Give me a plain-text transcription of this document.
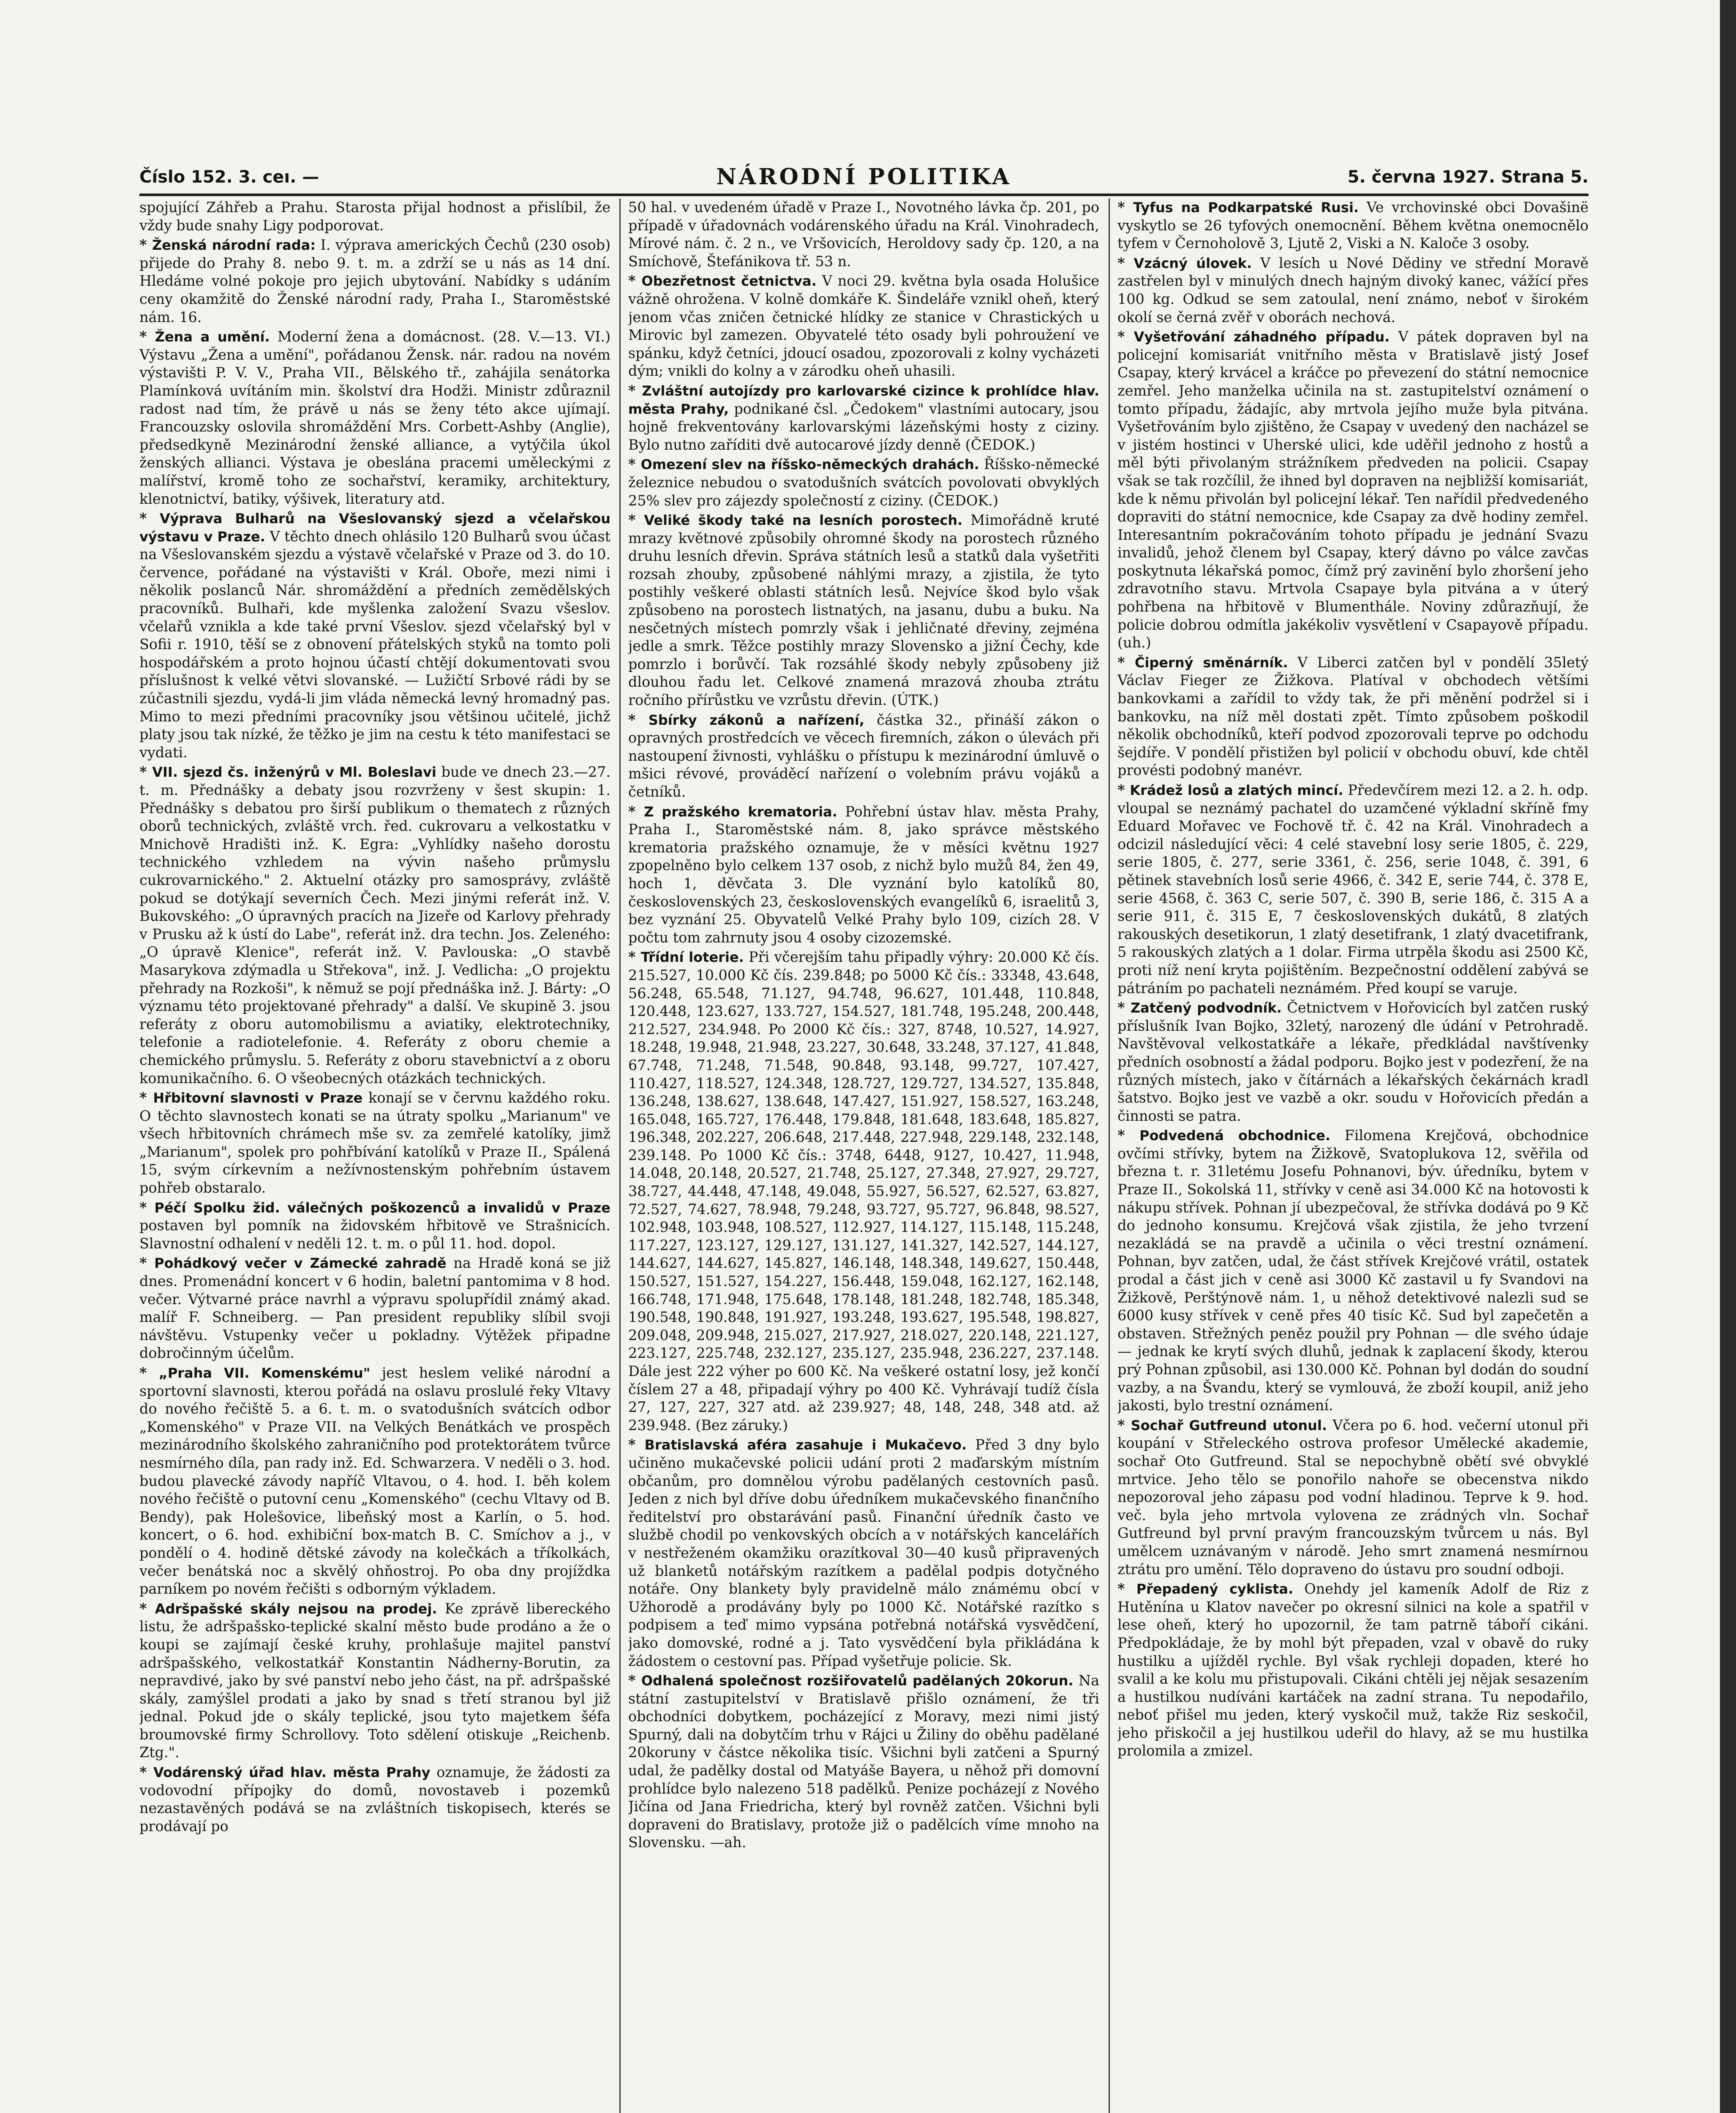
Číslo 152. 3. ceı. —	NÁRODNÍ POLITIKA	5. června 1927. Strana 5.

spojující Záhřeb a Prahu. Starosta přijal hodnost a přislíbil, že vždy bude snahy Ligy podporovat.

* Ženská národní rada: I. výprava amerických Čechů (230 osob) přijede do Prahy 8. nebo 9. t. m. a zdrží se u nás as 14 dní. Hledáme volné pokoje pro jejich ubytování. Nabídky s udáním ceny okamžitě do Ženské národní rady, Praha I., Staroměstské nám. 16.

* Žena a umění. Moderní žena a domácnost. (28. V.—13. VI.) Výstavu „Žena a umění", pořádanou Žensk. nár. radou na novém výstavišti P. V. V., Praha VII., Bělského tř., zahájila senátorka Plamínková uvítáním min. školství dra Hodži. Ministr zdůraznil radost nad tím, že právě u nás se ženy této akce ujímají. Francouzsky oslovila shromáždění Mrs. Corbett-Ashby (Anglie), předsedkyně Mezinárodní ženské alliance, a vytýčila úkol ženských allianci. Výstava je obeslána pracemi uměleckými z malířství, kromě toho ze sochařství, keramiky, architektury, klenotnictví, batiky, výšivek, literatury atd.

* Výprava Bulharů na Všeslovanský sjezd a včelařskou výstavu v Praze. V těchto dnech ohlásilo 120 Bulharů svou účast na Všeslovanském sjezdu a výstavě včelařské v Praze od 3. do 10. července, pořádané na výstavišti v Král. Oboře, mezi nimi i několik poslanců Nár. shromáždění a předních zemědělských pracovníků. Bulhaři, kde myšlenka založení Svazu všeslov. včelařů vznikla a kde také první Všeslov. sjezd včelařský byl v Sofii r. 1910, těší se z obnovení přátelských styků na tomto poli hospodářském a proto hojnou účastí chtějí dokumentovati svou příslušnost k velké větvi slovanské. — Lužičtí Srbové rádi by se zúčastnili sjezdu, vydá-li jim vláda německá levný hromadný pas. Mimo to mezi předními pracovníky jsou většinou učitelé, jichž platy jsou tak nízké, že těžko je jim na cestu k této manifestaci se vydati.

* VII. sjezd čs. inženýrů v Ml. Boleslavi bude ve dnech 23.—27. t. m. Přednášky a debaty jsou rozvrženy v šest skupin: 1. Přednášky s debatou pro širší publikum o thematech z různých oborů technických, zvláště vrch. řed. cukrovaru a velkostatku v Mnichově Hradišti inž. K. Egra: „Vyhlídky našeho dorostu technického vzhledem na vývin našeho průmyslu cukrovarnického." 2. Aktuelní otázky pro samosprávy, zvláště pokud se dotýkají severních Čech. Mezi jinými referát inž. V. Bukovského: „O úpravných pracích na Jizeře od Karlovy přehrady v Prusku až k ústí do Labe", referát inž. dra techn. Jos. Zeleného: „O úpravě Klenice", referát inž. V. Pavlouska: „O stavbě Masarykova zdýmadla u Střekova", inž. J. Vedlicha: „O projektu přehrady na Rozkoši", k němuž se pojí přednáška inž. J. Bárty: „O významu této projektované přehrady" a další. Ve skupině 3. jsou referáty z oboru automobilismu a aviatiky, elektrotechniky, telefonie a radiotelefonie. 4. Referáty z oboru chemie a chemického průmyslu. 5. Referáty z oboru stavebnictví a z oboru komunikačního. 6. O všeobecných otázkách technických.

* Hřbitovní slavnosti v Praze konají se v červnu každého roku. O těchto slavnostech konati se na útraty spolku „Marianum" ve všech hřbitovních chrámech mše sv. za zemřelé katolíky, jimž „Marianum", spolek pro pohřbívání katolíků v Praze II., Spálená 15, svým církevním a nežívnostenským pohřebním ústavem pohřeb obstaralo.

* Péčí Spolku žid. válečných poškozenců a invalidů v Praze postaven byl pomník na židovském hřbitově ve Strašnicích. Slavnostní odhalení v neděli 12. t. m. o půl 11. hod. dopol.

* Pohádkový večer v Zámecké zahradě na Hradě koná se již dnes. Promenádní koncert v 6 hodin, baletní pantomima v 8 hod. večer. Výtvarné práce navrhl a výpravu spolupřídil známý akad. malíř F. Schneiberg. — Pan president republiky slíbil svoji návštěvu. Vstupenky večer u pokladny. Výtěžek připadne dobročinným účelům.

* „Praha VII. Komenskému" jest heslem veliké národní a sportovní slavnosti, kterou pořádá na oslavu proslulé řeky Vltavy do nového řečiště 5. a 6. t. m. o svatodušních svátcích odbor „Komenského" v Praze VII. na Velkých Benátkách ve prospěch mezinárodního školského zahraničního pod protektorátem tvůrce nesmírného díla, pan rady inž. Ed. Schwarzera. V neděli o 3. hod. budou plavecké závody napříč Vltavou, o 4. hod. I. běh kolem nového řečiště o putovní cenu „Komenského" (cechu Vltavy od B. Bendy), pak Holešovice, libeňský most a Karlín, o 5. hod. koncert, o 6. hod. exhibiční box-match B. C. Smíchov a j., v pondělí o 4. hodině dětské závody na kolečkách a tříkolkách, večer benátská noc a skvělý ohňostroj. Po oba dny projíždka parníkem po novém řečišti s odborným výkladem.

* Adršpašské skály nejsou na prodej. Ke zprávě libereckého listu, že adršpašsko-teplické skalní město bude prodáno a že o koupi se zajímají české kruhy, prohlašuje majitel panství adršpašského, velkostatkář Konstantin Nádherny-Borutin, za nepravdivé, jako by své panství nebo jeho část, na př. adršpašské skály, zamýšlel prodati a jako by snad s třetí stranou byl již jednal. Pokud jde o skály teplické, jsou tyto majetkem šéfa broumovské firmy Schrollovy. Toto sdělení otiskuje „Reichenb. Ztg.".

* Vodárenský úřad hlav. města Prahy oznamuje, že žádosti za vodovodní přípojky do domů, novostaveb i pozemků nezastavěných podává se na zvláštních tiskopisech, kterés se prodávají po

50 hal. v uvedeném úřadě v Praze I., Novotného lávka čp. 201, po případě v úřadovnách vodárenského úřadu na Král. Vinohradech, Mírové nám. č. 2 n., ve Vršovicích, Heroldovy sady čp. 120, a na Smíchově, Štefánikova tř. 53 n.

* Obezřetnost četnictva. V noci 29. května byla osada Holušice vážně ohrožena. V kolně domkáře K. Šindeláře vznikl oheň, který jenom včas zničen četnické hlídky ze stanice v Chrastických u Mirovic byl zamezen. Obyvatelé této osady byli pohroužení ve spánku, když četníci, jdoucí osadou, zpozorovali z kolny vycházeti dým; vnikli do kolny a v zárodku oheň uhasili.

* Zvláštní autojízdy pro karlovarské cizince k prohlídce hlav. města Prahy, podnikané čsl. „Čedokem" vlastními autocary, jsou hojně frekventovány karlovarskými lázeňskými hosty z ciziny. Bylo nutno zaříditi dvě autocarové jízdy denně (ČEDOK.)

* Omezení slev na říšsko-německých drahách. Říšsko-německé železnice nebudou o svatodušních svátcích povolovati obvyklých 25% slev pro zájezdy společností z ciziny. (ČEDOK.)

* Veliké škody také na lesních porostech. Mimořádně kruté mrazy květnové způsobily ohromné škody na porostech různého druhu lesních dřevin. Správa státních lesů a statků dala vyšetřiti rozsah zhouby, způsobené náhlými mrazy, a zjistila, že tyto postihly veškeré oblasti státních lesů. Nejvíce škod bylo však způsobeno na porostech listnatých, na jasanu, dubu a buku. Na nesčetných místech pomrzly však i jehličnaté dřeviny, zejména jedle a smrk. Těžce postihly mrazy Slovensko a jižní Čechy, kde pomrzlo i borůvčí. Tak rozsáhlé škody nebyly způsobeny již dlouhou řadu let. Celkové znamená mrazová zhouba ztrátu ročního přírůstku ve vzrůstu dřevin. (ÚTK.)

* Sbírky zákonů a nařízení, částka 32., přináší zákon o opravných prostředcích ve věcech firemních, zákon o úlevách při nastoupení živnosti, vyhlášku o přístupu k mezinárodní úmluvě o mšici révové, prováděcí nařízení o volebním právu vojáků a četníků.

* Z pražského krematoria. Pohřební ústav hlav. města Prahy, Praha I., Staroměstské nám. 8, jako správce městského krematoria pražského oznamuje, že v měsíci květnu 1927 zpopelněno bylo celkem 137 osob, z nichž bylo mužů 84, žen 49, hoch 1, děvčata 3. Dle vyznání bylo katolíků 80, československých 23, československých evangelíků 6, israelitů 3, bez vyznání 25. Obyvatelů Velké Prahy bylo 109, cizích 28. V počtu tom zahrnuty jsou 4 osoby cizozemské.

* Třídní loterie. Při včerejším tahu připadly výhry: 20.000 Kč čís. 215.527, 10.000 Kč čís. 239.848; po 5000 Kč čís.: 33348, 43.648, 56.248, 65.548, 71.127, 94.748, 96.627, 101.448, 110.848, 120.448, 123.627, 133.727, 154.527, 181.748, 195.248, 200.448, 212.527, 234.948. Po 2000 Kč čís.: 327, 8748, 10.527, 14.927, 18.248, 19.948, 21.948, 23.227, 30.648, 33.248, 37.127, 41.848, 67.748, 71.248, 71.548, 90.848, 93.148, 99.727, 107.427, 110.427, 118.527, 124.348, 128.727, 129.727, 134.527, 135.848, 136.248, 138.627, 138.648, 147.427, 151.927, 158.527, 163.248, 165.048, 165.727, 176.448, 179.848, 181.648, 183.648, 185.827, 196.348, 202.227, 206.648, 217.448, 227.948, 229.148, 232.148, 239.148. Po 1000 Kč čís.: 3748, 6448, 9127, 10.427, 11.948, 14.048, 20.148, 20.527, 21.748, 25.127, 27.348, 27.927, 29.727, 38.727, 44.448, 47.148, 49.048, 55.927, 56.527, 62.527, 63.827, 72.527, 74.627, 78.948, 79.248, 93.727, 95.727, 96.848, 98.527, 102.948, 103.948, 108.527, 112.927, 114.127, 115.148, 115.248, 117.227, 123.127, 129.127, 131.127, 141.327, 142.527, 144.127, 144.627, 144.627, 145.827, 146.148, 148.348, 149.627, 150.448, 150.527, 151.527, 154.227, 156.448, 159.048, 162.127, 162.148, 166.748, 171.948, 175.648, 178.148, 181.248, 182.748, 185.348, 190.548, 190.848, 191.927, 193.248, 193.627, 195.548, 198.827, 209.048, 209.948, 215.027, 217.927, 218.027, 220.148, 221.127, 223.127, 225.748, 232.127, 235.127, 235.948, 236.227, 237.148. Dále jest 222 výher po 600 Kč. Na veškeré ostatní losy, jež končí číslem 27 a 48, připadají výhry po 400 Kč. Vyhrávají tudíž čísla 27, 127, 227, 327 atd. až 239.927; 48, 148, 248, 348 atd. až 239.948. (Bez záruky.)

* Bratislavská aféra zasahuje i Mukačevo. Před 3 dny bylo učiněno mukačevské policii udání proti 2 maďarským místním občanům, pro domnělou výrobu padělaných cestovních pasů. Jeden z nich byl dříve dobu úředníkem mukačevského finančního ředitelství pro obstarávání pasů. Finanční úředník často ve službě chodil po venkovských obcích a v notářských kancelářích v nestřeženém okamžiku orazítkoval 30—40 kusů připravených už blanketů notářským razítkem a padělal podpis dotyčného notáře. Ony blankety byly pravidelně málo známému obcí v Užhorodě a prodávány byly po 1000 Kč. Notářské razítko s podpisem a teď mimo vypsána potřebná notářská vysvědčení, jako domovské, rodné a j. Tato vysvědčení byla přikládána k žádostem o cestovní pas. Případ vyšetřuje policie. Sk.

* Odhalená společnost rozšiřovatelů padělaných 20korun. Na státní zastupitelství v Bratislavě přišlo oznámení, že tři obchodníci dobytkem, pocházející z Moravy, mezi nimi jistý Spurný, dali na dobytčím trhu v Rájci u Žiliny do oběhu padělané 20koruny v částce několika tisíc. Všichni byli zatčeni a Spurný udal, že padělky dostal od Matyáše Bayera, u něhož při domovní prohlídce bylo nalezeno 518 padělků. Penize pocházejí z Nového Jičína od Jana Friedricha, který byl rovněž zatčen. Všichni byli dopraveni do Bratislavy, protože již o padělcích víme mnoho na Slovensku. —ah.

* Tyfus na Podkarpatské Rusi. Ve vrchovinské obci Dovašinë vyskytlo se 26 tyfových onemocnění. Během května onemocnělo tyfem v Černoholově 3, Ljutě 2, Viski a N. Kaloče 3 osoby.

* Vzácný úlovek. V lesích u Nové Dědiny ve střední Moravě zastřelen byl v minulých dnech hajným divoký kanec, vážící přes 100 kg. Odkud se sem zatoulal, není známo, neboť v širokém okolí se černá zvěř v oborách nechová.

* Vyšetřování záhadného případu. V pátek dopraven byl na policejní komisariát vnitřního města v Bratislavě jistý Josef Csapay, který krvácel a kráčce po převezení do státní nemocnice zemřel. Jeho manželka učinila na st. zastupitelství oznámení o tomto případu, žádajíc, aby mrtvola jejího muže byla pitvána. Vyšetřováním bylo zjištěno, že Csapay v uvedený den nacházel se v jistém hostinci v Uherské ulici, kde uděřil jednoho z hostů a měl býti přivolaným strážníkem předveden na policii. Csapay však se tak rozčílil, že ihned byl dopraven na nejbližší komisariát, kde k němu přivolán byl policejní lékař. Ten nařídil předvedeného dopraviti do státní nemocnice, kde Csapay za dvě hodiny zemřel. Interesantním pokračováním tohoto případu je jednání Svazu invalidů, jehož členem byl Csapay, který dávno po válce zavčas poskytnuta lékařská pomoc, čímž prý zavinění bylo zhoršení jeho zdravotního stavu. Mrtvola Csapaye byla pitvána a v úterý pohřbena na hřbitově v Blumenthále. Noviny zdůrazňují, že policie dobrou odmítla jakékoliv vysvětlení v Csapayově případu. (uh.)

* Čiperný směnárník. V Liberci zatčen byl v pondělí 35letý Václav Fieger ze Žižkova. Platíval v obchodech většími bankovkami a zařídil to vždy tak, že při měnění podržel si i bankovku, na níž měl dostati zpět. Tímto způsobem poškodil několik obchodníků, kteří podvod zpozorovali teprve po odchodu šejdíře. V pondělí přistižen byl policií v obchodu obuví, kde chtěl provésti podobný manévr.

* Krádež losů a zlatých mincí. Předevčírem mezi 12. a 2. h. odp. vloupal se neznámý pachatel do uzamčené výkladní skříně fmy Eduard Mořavec ve Fochově tř. č. 42 na Král. Vinohradech a odcizil následující věci: 4 celé stavební losy serie 1805, č. 229, serie 1805, č. 277, serie 3361, č. 256, serie 1048, č. 391, 6 pětinek stavebních losů serie 4966, č. 342 E, serie 744, č. 378 E, serie 4568, č. 363 C, serie 507, č. 390 B, serie 186, č. 315 A a serie 911, č. 315 E, 7 československých dukátů, 8 zlatých rakouských desetikorun, 1 zlatý desetifrank, 1 zlatý dvacetifrank, 5 rakouských zlatých a 1 dolar. Firma utrpěla škodu asi 2500 Kč, proti níž není kryta pojištěním. Bezpečnostní oddělení zabývá se pátráním po pachateli neznámém. Před koupí se varuje.

* Zatčený podvodník. Četnictvem v Hořovicích byl zatčen ruský příslušník Ivan Bojko, 32letý, narozený dle údání v Petrohradě. Navštěvoval velkostatkáře a lékaře, předkládal navštívenky předních osobností a žádal podporu. Bojko jest v podezření, že na různých místech, jako v čítárnách a lékařských čekárnách kradl šatstvo. Bojko jest ve vazbě a okr. soudu v Hořovicích předán a činnosti se patra.

* Podvedená obchodnice. Filomena Krejčová, obchodnice ovčími střívky, bytem na Žižkově, Svatoplukova 12, svěřila od března t. r. 31letému Josefu Pohnanovi, býv. úředníku, bytem v Praze II., Sokolská 11, střívky v ceně asi 34.000 Kč na hotovosti k nákupu střívek. Pohnan jí ubezpečoval, že střívka dodává po 9 Kč do jednoho konsumu. Krejčová však zjistila, že jeho tvrzení nezakládá se na pravdě a učinila o věci trestní oznámení. Pohnan, byv zatčen, udal, že část střívek Krejčové vrátil, ostatek prodal a část jich v ceně asi 3000 Kč zastavil u fy Svandovi na Žižkově, Perštýnově nám. 1, u něhož detektivové nalezli sud se 6000 kusy střívek v ceně přes 40 tisíc Kč. Sud byl zapečetěn a obstaven. Střežných peněz použil pry Pohnan — dle svého údaje — jednak ke krytí svých dluhů, jednak k zaplacení škody, kterou prý Pohnan způsobil, asi 130.000 Kč. Pohnan byl dodán do soudní vazby, a na Švandu, který se vymlouvá, že zboží koupil, aniž jeho jakosti, bylo trestní oznámení.

* Sochař Gutfreund utonul. Včera po 6. hod. večerní utonul při koupání v Střeleckého ostrova profesor Umělecké akademie, sochař Oto Gutfreund. Stal se nepochybně obětí své obvyklé mrtvice. Jeho tělo se ponořilo nahoře se obecenstva nikdo nepozoroval jeho zápasu pod vodní hladinou. Teprve k 9. hod. več. byla jeho mrtvola vylovena ze zrádných vln. Sochař Gutfreund byl první pravým francouzským tvůrcem u nás. Byl umělcem uznávaným v národě. Jeho smrt znamená nesmírnou ztrátu pro umění. Tělo dopraveno do ústavu pro soudní odboji.

* Přepadený cyklista. Onehdy jel kameník Adolf de Riz z Hutěnína u Klatov navečer po okresní silnici na kole a spatřil v lese oheň, který ho upozornil, že tam patrně táboří cikáni. Předpokládaje, že by mohl být přepaden, vzal v obavě do ruky hustilku a ujížděl rychle. Byl však rychleji dopaden, které ho svalil a ke kolu mu přistupovali. Cikáni chtěli jej nějak sesazením a hustilkou nudíváni kartáček na zadní strana. Tu nepodařilo, neboť přišel mu jeden, který vyskočil muž, takže Riz seskočil, jeho přiskočil a jej hustilkou udeřil do hlavy, až se mu hustilka prolomila a zmizel.
